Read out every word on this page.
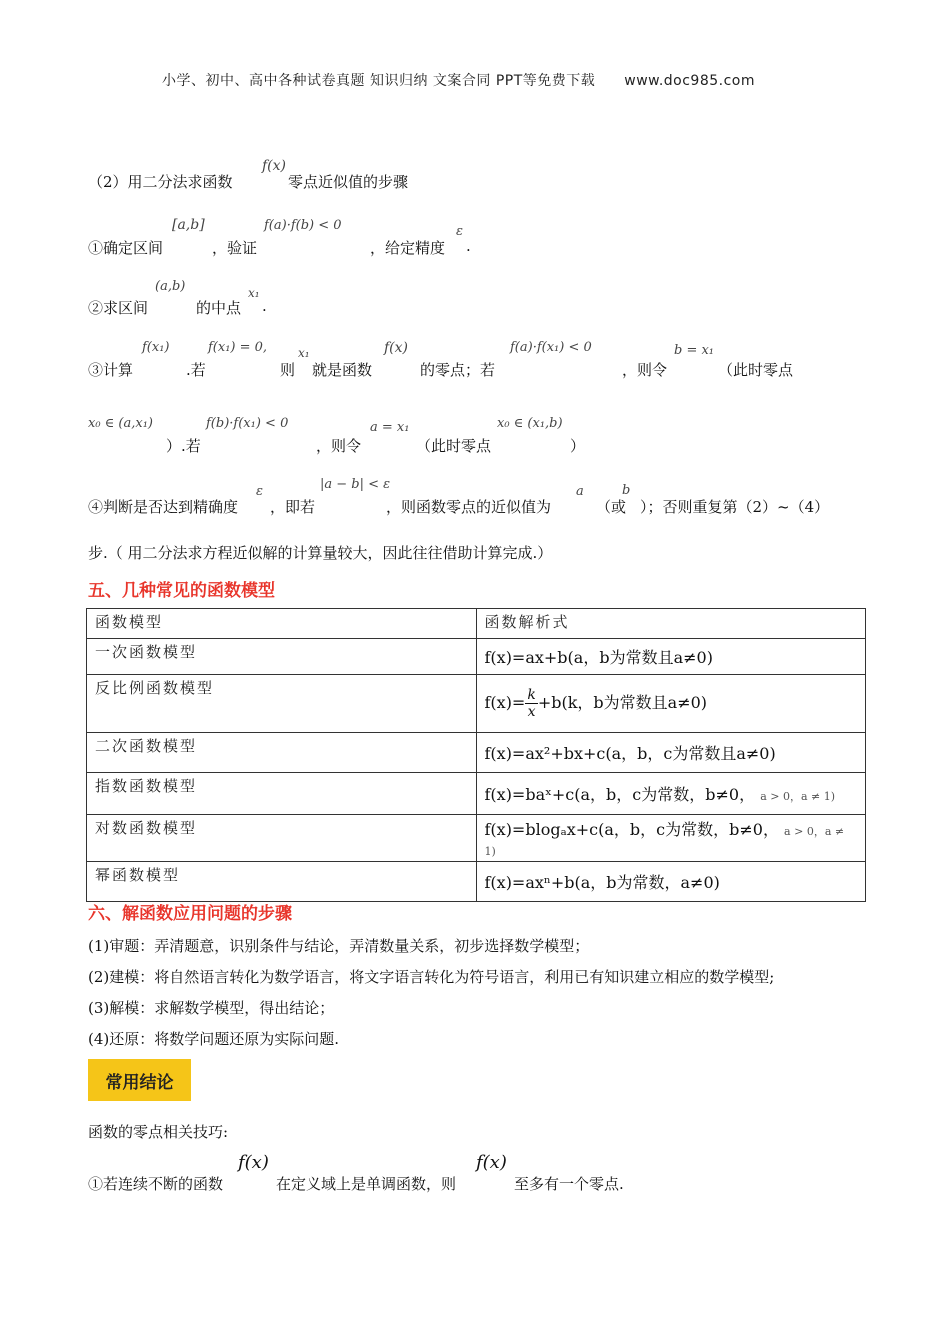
小学、初中、高中各种试卷真题 知识归纳 文案合同 PPT等免费下载 www.doc985.com
（2）用二分法求函数
f(x)
零点近似值的步骤
①确定区间
[a,b]
，验证
f(a)·f(b) < 0
，给定精度
ε
.
②求区间
(a,b)
的中点
x₁
.
③计算
f(x₁)
.若
f(x₁) = 0,	x₁
则 就是函数
f(x)
的零点；若
f(a)·f(x₁) < 0
，则令
b = x₁
（此时零点
x₀ ∈ (a,x₁)
）.若
f(b)·f(x₁) < 0
，则令
a = x₁
（此时零点
x₀ ∈ (x₁,b)
）
④判断是否达到精确度
ε
，即若
|a − b| < ε
，则函数零点的近似值为
a
（或
b
）；否则重复第（2）~（4）
步.（ 用二分法求方程近似解的计算量较大，因此往往借助计算完成.）
五、几种常见的函数模型
函数模型	函数解析式
一次函数模型	f(x)=ax+b(a，b为常数且a≠0)
反比例函数模型	$f(x)= \frac{k}{x} +b(k$，b为常数且a≠0)
二次函数模型	f(x)=ax²+bx+c(a，b，c为常数且a≠0)
指数函数模型	f(x)=baˣ+c(a，b，c为常数，b≠0， a > 0，a ≠ 1)
对数函数模型	f(x)=blogₐx+c(a，b，c为常数，b≠0， a > 0，a ≠ 1)
幂函数模型	f(x)=axⁿ+b(a，b为常数，a≠0)
六、解函数应用问题的步骤
(1)审题：弄清题意，识别条件与结论，弄清数量关系，初步选择数学模型；
(2)建模：将自然语言转化为数学语言，将文字语言转化为符号语言，利用已有知识建立相应的数学模型;
(3)解模：求解数学模型，得出结论；
(4)还原：将数学问题还原为实际问题.
常用结论
函数的零点相关技巧:
①若连续不断的函数
f(x)
在定义域上是单调函数，则
f(x)
至多有一个零点.
